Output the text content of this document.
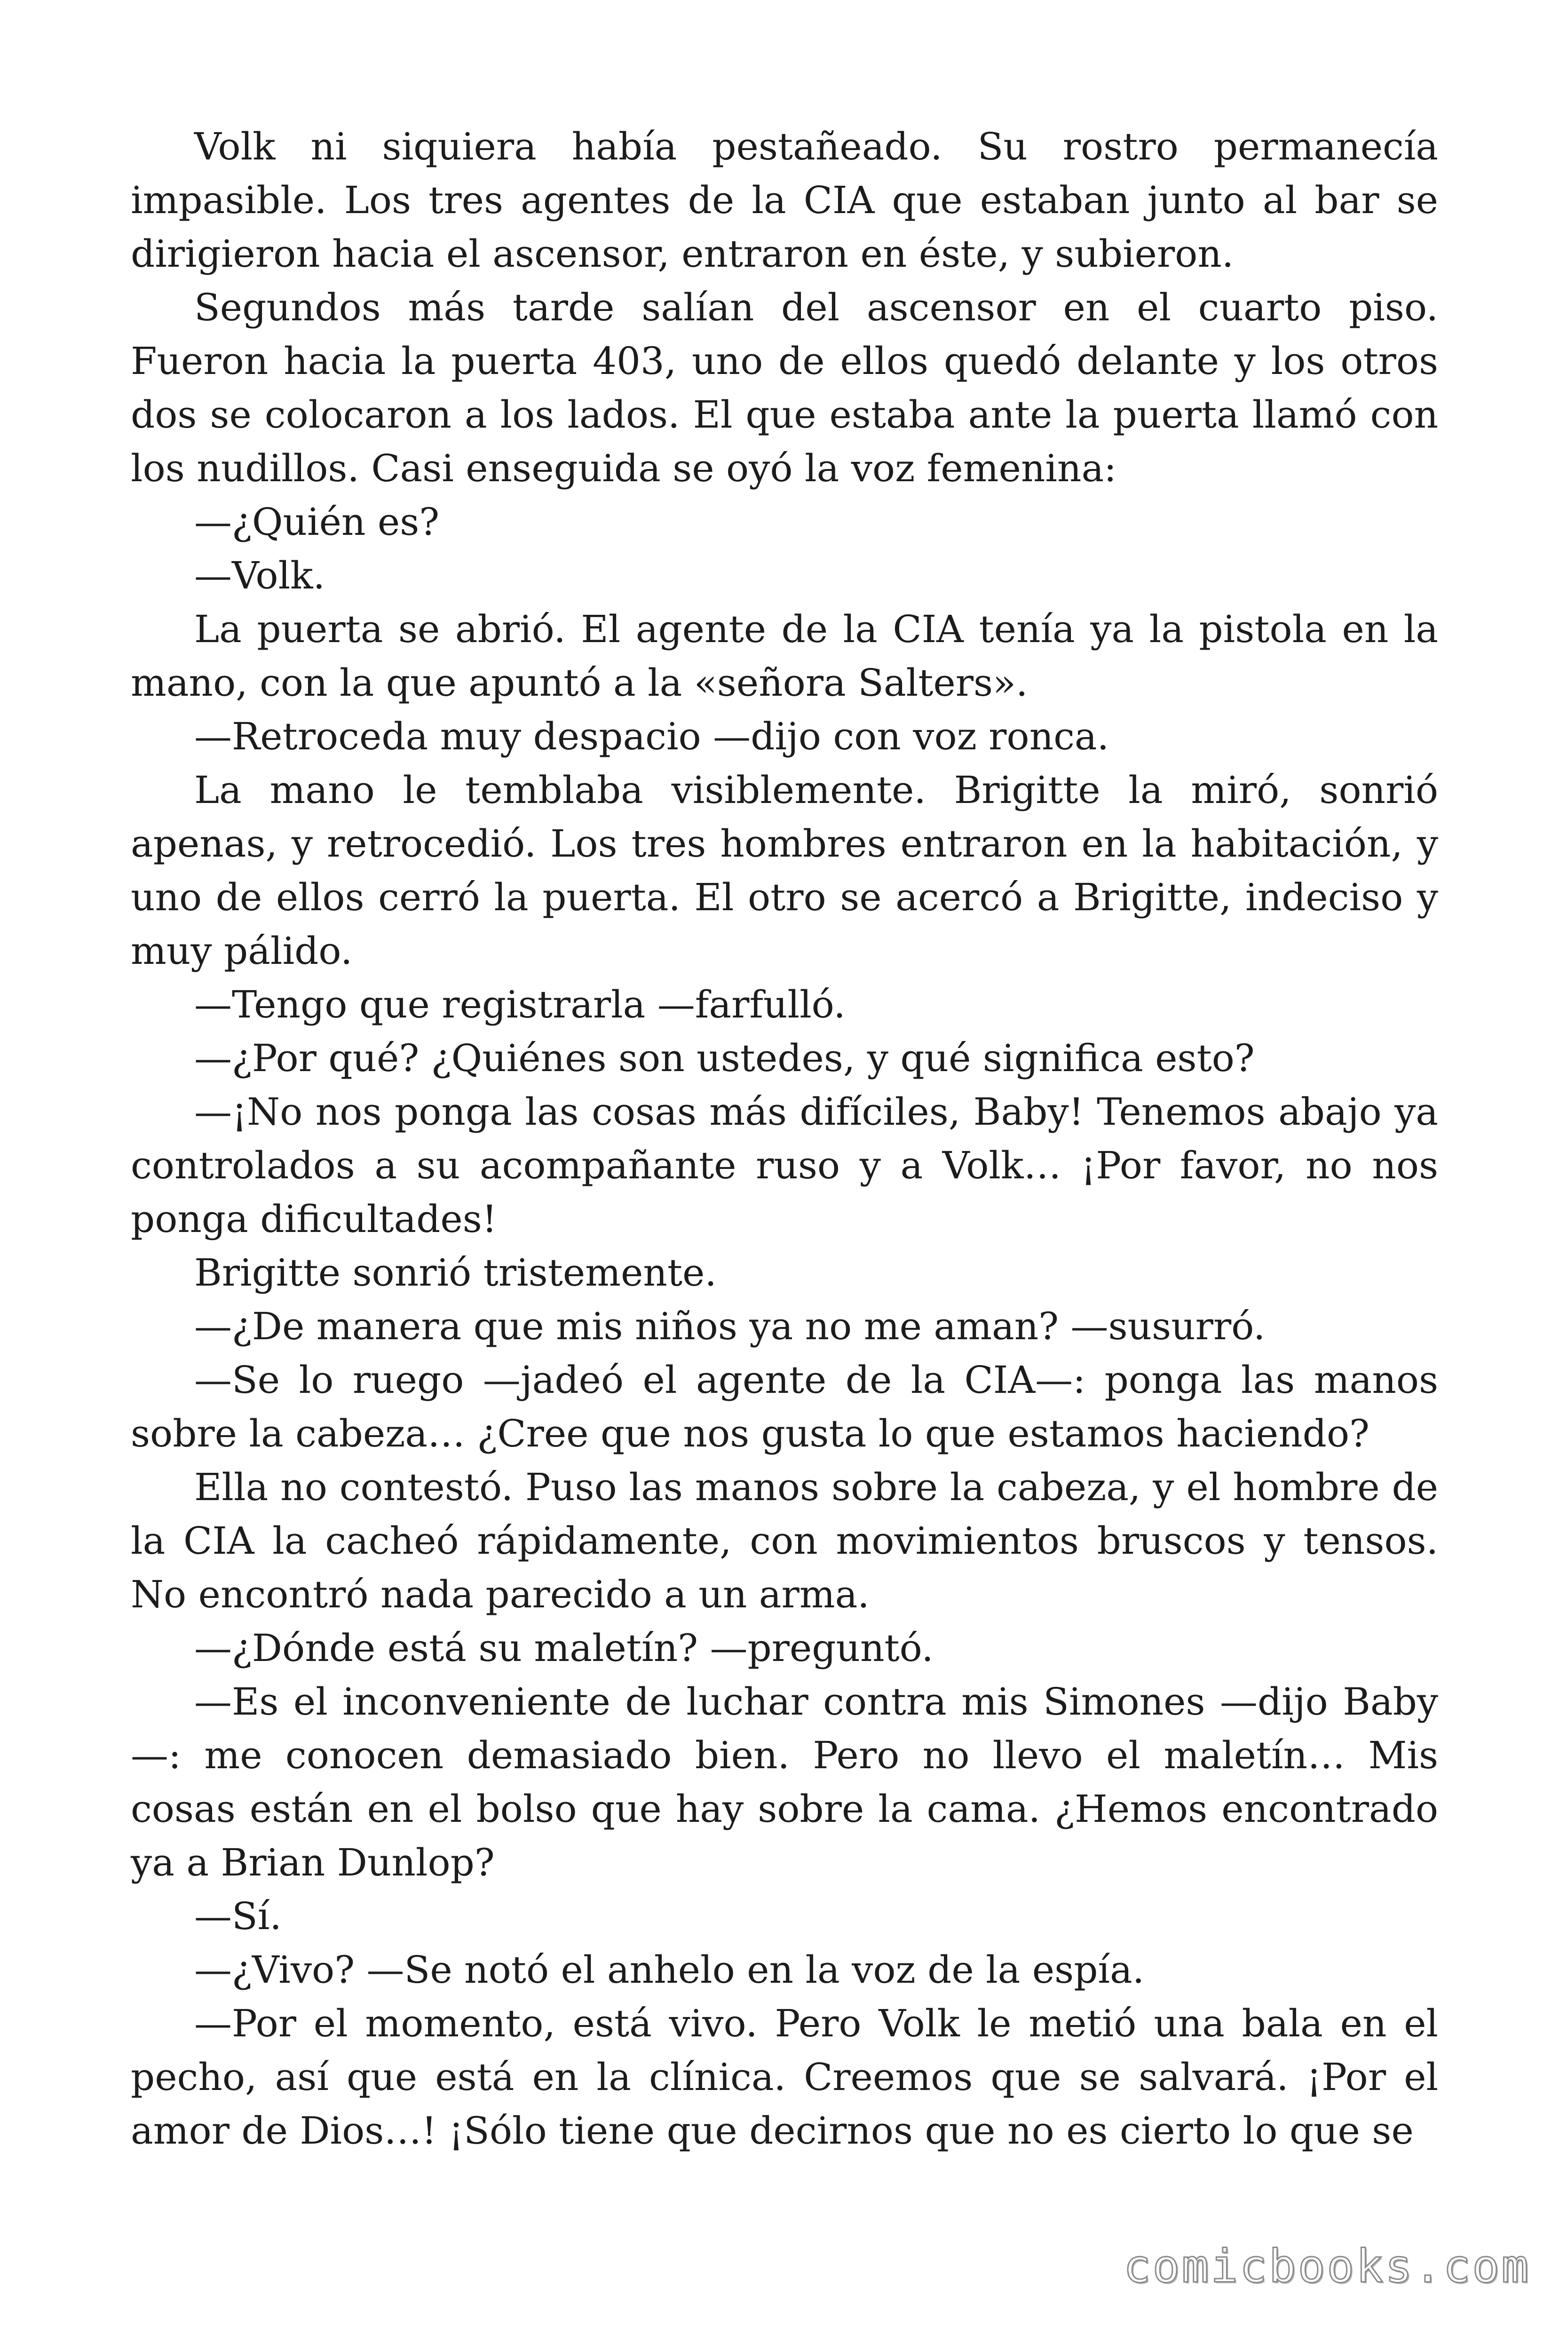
Volk ni siquiera había pestañeado. Su rostro permanecía impasible. Los tres agentes de la CIA que estaban junto al bar se dirigieron hacia el ascensor, entraron en éste, y subieron.

Segundos más tarde salían del ascensor en el cuarto piso. Fueron hacia la puerta 403, uno de ellos quedó delante y los otros dos se colocaron a los lados. El que estaba ante la puerta llamó con los nudillos. Casi enseguida se oyó la voz femenina:

—¿Quién es?

—Volk.

La puerta se abrió. El agente de la CIA tenía ya la pistola en la mano, con la que apuntó a la «señora Salters».

—Retroceda muy despacio —dijo con voz ronca.

La mano le temblaba visiblemente. Brigitte la miró, sonrió apenas, y retrocedió. Los tres hombres entraron en la habitación, y uno de ellos cerró la puerta. El otro se acercó a Brigitte, indeciso y muy pálido.

—Tengo que registrarla —farfulló.

—¿Por qué? ¿Quiénes son ustedes, y qué significa esto?

—¡No nos ponga las cosas más difíciles, Baby! Tenemos abajo ya controlados a su acompañante ruso y a Volk… ¡Por favor, no nos ponga dificultades!

Brigitte sonrió tristemente.

—¿De manera que mis niños ya no me aman? —susurró.

—Se lo ruego —jadeó el agente de la CIA—: ponga las manos sobre la cabeza… ¿Cree que nos gusta lo que estamos haciendo?

Ella no contestó. Puso las manos sobre la cabeza, y el hombre de la CIA la cacheó rápidamente, con movimientos bruscos y tensos. No encontró nada parecido a un arma.

—¿Dónde está su maletín? —preguntó.

—Es el inconveniente de luchar contra mis Simones —dijo Baby —: me conocen demasiado bien. Pero no llevo el maletín… Mis cosas están en el bolso que hay sobre la cama. ¿Hemos encontrado ya a Brian Dunlop?

—Sí.

—¿Vivo? —Se notó el anhelo en la voz de la espía.

—Por el momento, está vivo. Pero Volk le metió una bala en el pecho, así que está en la clínica. Creemos que se salvará. ¡Por el amor de Dios…! ¡Sólo tiene que decirnos que no es cierto lo que se

comicbooks.com
